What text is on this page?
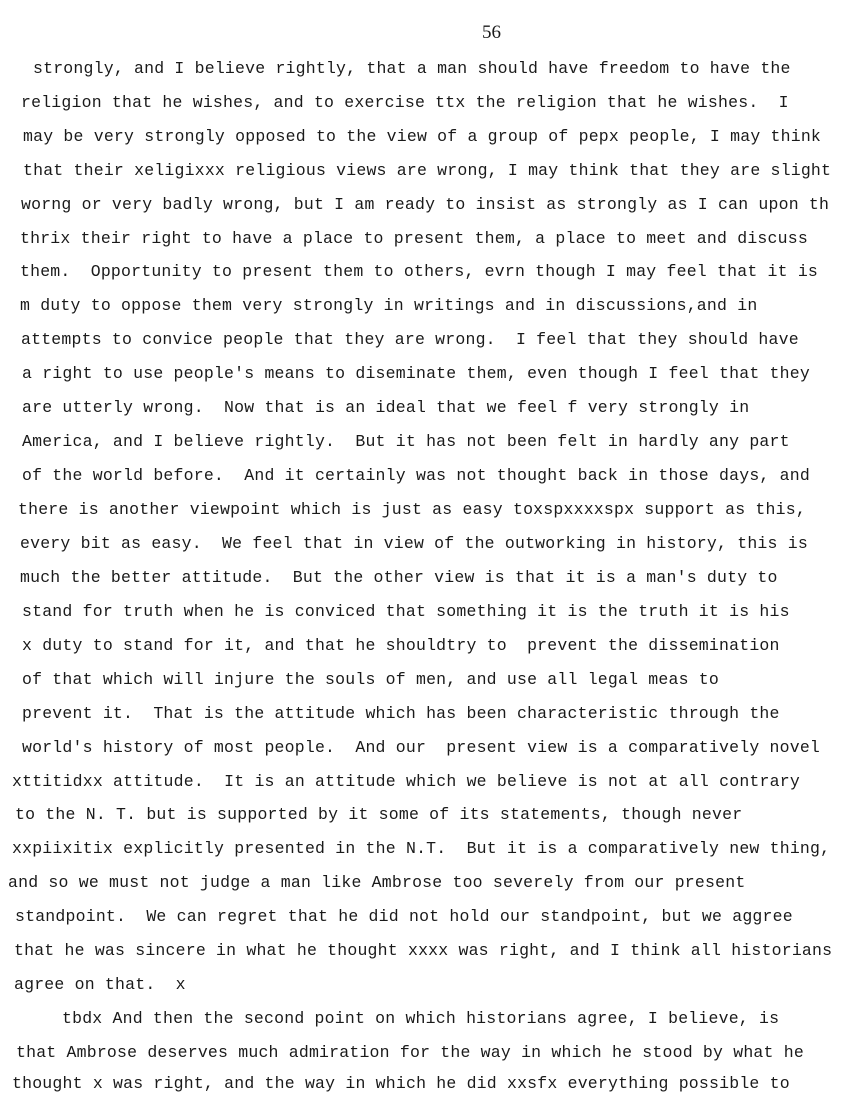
56
strongly, and I believe rightly, that a man should have freedom to have the
religion that he wishes, and to exercise ttx the religion that he wishes.  I
may be very strongly opposed to the view of a group of pepx people, I may think
that their xeligixxx religious views are wrong, I may think that they are slight
worng or very badly wrong, but I am ready to insist as strongly as I can upon th
thrix their right to have a place to present them, a place to meet and discuss
them.  Opportunity to present them to others, evrn though I may feel that it is
m duty to oppose them very strongly in writings and in discussions,and in
attempts to convice people that they are wrong.  I feel that they should have
a right to use people's means to diseminate them, even though I feel that they
are utterly wrong.  Now that is an ideal that we feel f very strongly in
America, and I believe rightly.  But it has not been felt in hardly any part
of the world before.  And it certainly was not thought back in those days, and
there is another viewpoint which is just as easy toxspxxxxspx support as this,
every bit as easy.  We feel that in view of the outworking in history, this is
much the better attitude.  But the other view is that it is a man's duty to
stand for truth when he is conviced that something it is the truth it is his
x duty to stand for it, and that he shouldtry to  prevent the dissemination
of that which will injure the souls of men, and use all legal meas to
prevent it.  That is the attitude which has been characteristic through the
world's history of most people.  And our  present view is a comparatively novel
xttitidxx attitude.  It is an attitude which we believe is not at all contrary
to the N. T. but is supported by it some of its statements, though never
xxpiixitix explicitly presented in the N.T.  But it is a comparatively new thing,
and so we must not judge a man like Ambrose too severely from our present
standpoint.  We can regret that he did not hold our standpoint, but we aggree
that he was sincere in what he thought xxxx was right, and I think all historians
agree on that.  x
tbdx And then the second point on which historians agree, I believe, is
that Ambrose deserves much admiration for the way in which he stood by what he
thought x was right, and the way in which he did xxsfx everything possible to
